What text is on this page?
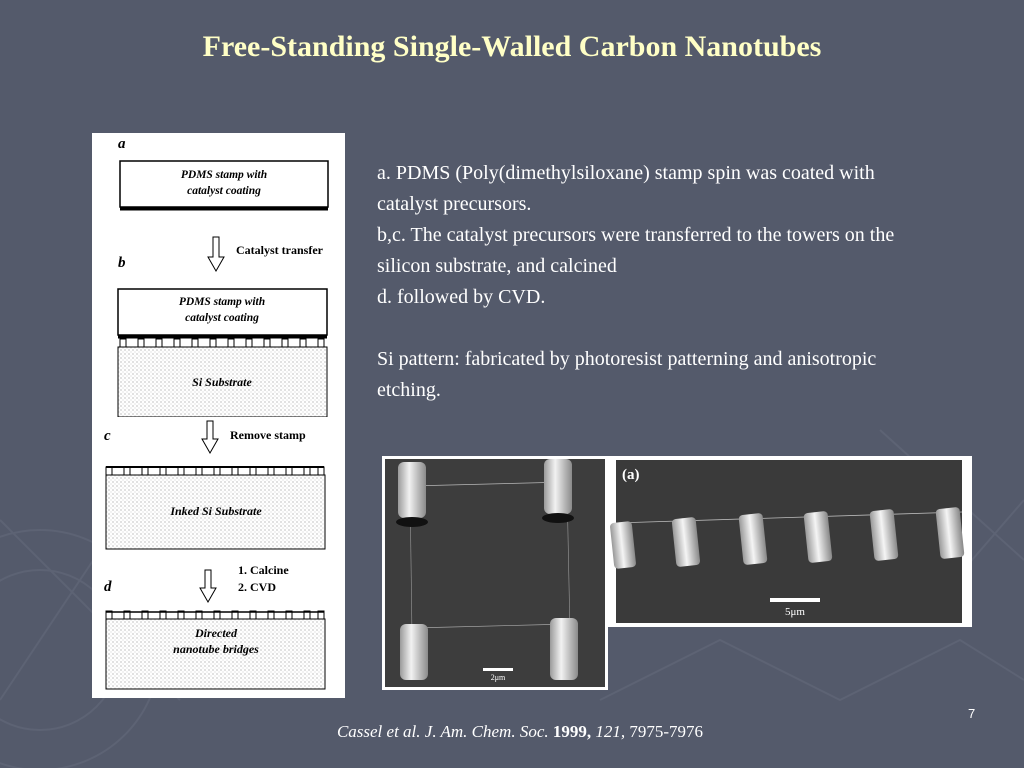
Free-Standing Single-Walled Carbon Nanotubes

a. PDMS (Poly(dimethylsiloxane) stamp spin was coated with catalyst precursors.

b,c. The catalyst precursors were transferred to the towers on the silicon substrate, and calcined

d. followed by CVD.

Si pattern: fabricated by photoresist patterning and anisotropic etching.

a
PDMS stamp with
catalyst coating
Catalyst transfer
b
PDMS stamp with
catalyst coating
Si Substrate
Remove stamp
c
Inked Si Substrate
1. Calcine
2. CVD
d
Directed
nanotube bridges
2μm
(a)
5μm
Cassel et al. J. Am. Chem. Soc. 1999, 121, 7975-7976
7
